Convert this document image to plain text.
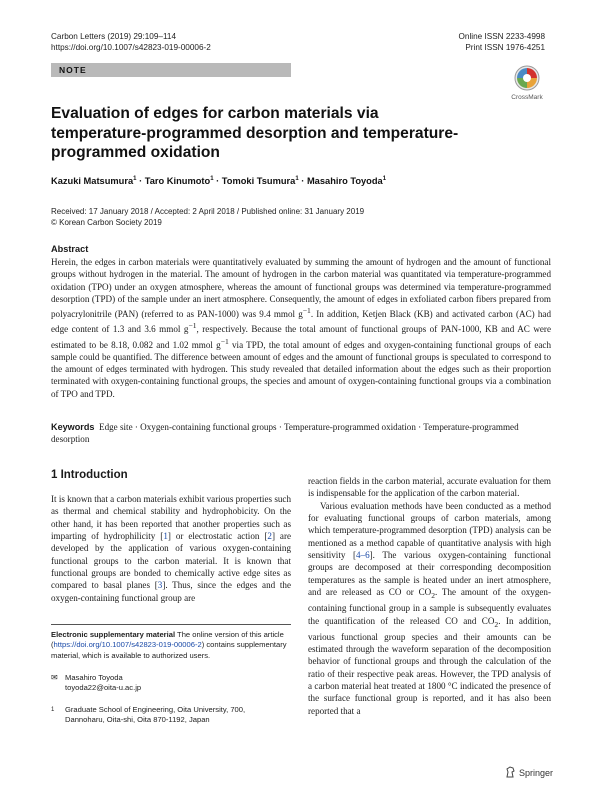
Carbon Letters (2019) 29:109–114
https://doi.org/10.1007/s42823-019-00006-2
Online ISSN 2233-4998
Print ISSN 1976-4251
NOTE
CrossMark
Evaluation of edges for carbon materials via temperature-programmed desorption and temperature-programmed oxidation
Kazuki Matsumura$^1$ · Taro Kinumoto$^1$ · Tomoki Tsumura$^1$ · Masahiro Toyoda$^1$
Received: 17 January 2018 / Accepted: 2 April 2018 / Published online: 31 January 2019
© Korean Carbon Society 2019
Abstract
Herein, the edges in carbon materials were quantitatively evaluated by summing the amount of hydrogen and the amount of functional groups without hydrogen in the material. The amount of hydrogen in the carbon material was quantitated via temperature-programmed oxidation (TPO) under an oxygen atmosphere, whereas the amount of functional groups was determined via temperature-programmed desorption (TPD) of the sample under an inert atmosphere. Consequently, the amount of edges in exfoliated carbon fibers prepared from polyacrylonitrile (PAN) (referred to as PAN-1000) was 9.4 mmol $g^{-1}$. In addition, Ketjen Black (KB) and activated carbon (AC) had edge content of 1.3 and 3.6 mmol $g^{-1}$, respectively. Because the total amount of functional groups of PAN-1000, KB and AC were estimated to be 8.18, 0.082 and 1.02 mmol $g^{-1}$ via TPD, the total amount of edges and oxygen-containing functional groups of each sample could be quantified. The difference between amount of edges and the amount of functional groups is speculated to correspond to the amount of edges terminated with hydrogen. This study revealed that detailed information about the edges such as their proportion terminated with oxygen-containing functional groups, the species and amount of oxygen-containing functional groups via a combination of TPO and TPD.
Keywords Edge site · Oxygen-containing functional groups · Temperature-programmed oxidation · Temperature-programmed desorption
1 Introduction

It is known that a carbon materials exhibit various properties such as thermal and chemical stability and hydrophobicity. On the other hand, it has been reported that another properties such as imparting of hydrophilicity [1] or electrostatic action [2] are developed by the application of various oxygen-containing functional groups to the carbon material. It is known that functional groups are bonded to chemically active edge sites as compared to basal planes [3]. Thus, since the edges and the oxygen-containing functional group are

reaction fields in the carbon material, accurate evaluation for them is indispensable for the application of the carbon material.

Various evaluation methods have been conducted as a method for evaluating functional groups of carbon materials, among which temperature-programmed desorption (TPD) analysis can be mentioned as a method capable of quantitative analysis with high sensitivity [4–6]. The various oxygen-containing functional groups are decomposed at their corresponding decomposition temperatures as the sample is heated under an inert atmosphere, and are released as CO or $CO_2$. The amount of the oxygen-containing functional group in a sample is subsequently evaluates the quantification of the released CO and $CO_2$. In addition, various functional group species and their amounts can be estimated through the waveform separation of the decomposition behavior of functional groups and through the calculation of the ratio of their respective peak areas. However, the TPD analysis of a carbon material heat treated at 1800 °C indicated the presence of the surface functional group is reported, and it has also been reported that a

Electronic supplementary material The online version of this article (https://doi.org/10.1007/s42823-019-00006-2) contains supplementary material, which is available to authorized users.
✉ Masahiro Toyoda
toyoda22@oita-u.ac.jp
1 Graduate School of Engineering, Oita University, 700,
Dannoharu, Oita-shi, Oita 870-1192, Japan
Springer
